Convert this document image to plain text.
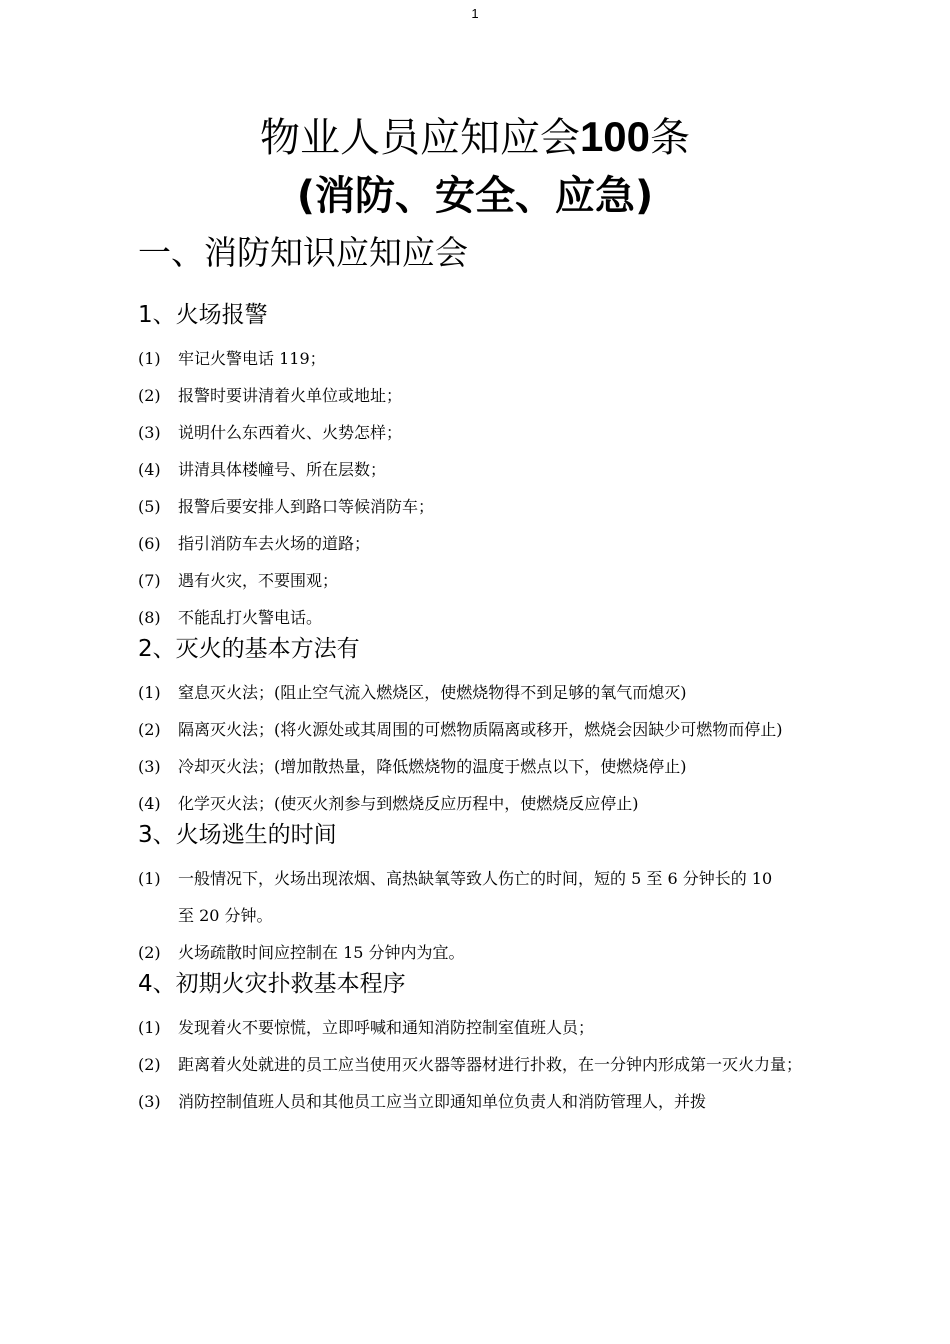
1
物业人员应知应会100条
(消防、安全、应急)
一、消防知识应知应会
1、火场报警
(1)	牢记火警电话 119；
(2)	报警时要讲清着火单位或地址；
(3)	说明什么东西着火、火势怎样；
(4)	讲清具体楼幢号、所在层数；
(5)	报警后要安排人到路口等候消防车；
(6)	指引消防车去火场的道路；
(7)	遇有火灾，不要围观；
(8)	不能乱打火警电话。
2、灭火的基本方法有
(1)	窒息灭火法；(阻止空气流入燃烧区，使燃烧物得不到足够的氧气而熄灭)
(2) 隔离灭火法；(将火源处或其周围的可燃物质隔离或移开，燃烧会因缺少可燃物而停止)
(3)	冷却灭火法；(增加散热量，降低燃烧物的温度于燃点以下，使燃烧停止)
(4)	化学灭火法；(使灭火剂参与到燃烧反应历程中，使燃烧反应停止)
3、火场逃生的时间
(1)	一般情况下，火场出现浓烟、高热缺氧等致人伤亡的时间，短的 5 至 6 分钟长的 10 至 20 分钟。
(2)	火场疏散时间应控制在 15 分钟内为宜。
4、初期火灾扑救基本程序
(1)	发现着火不要惊慌，立即呼喊和通知消防控制室值班人员；
(2)	距离着火处就进的员工应当使用灭火器等器材进行扑救，在一分钟内形成第一灭火力量；
(3)	消防控制值班人员和其他员工应当立即通知单位负责人和消防管理人，并拨
